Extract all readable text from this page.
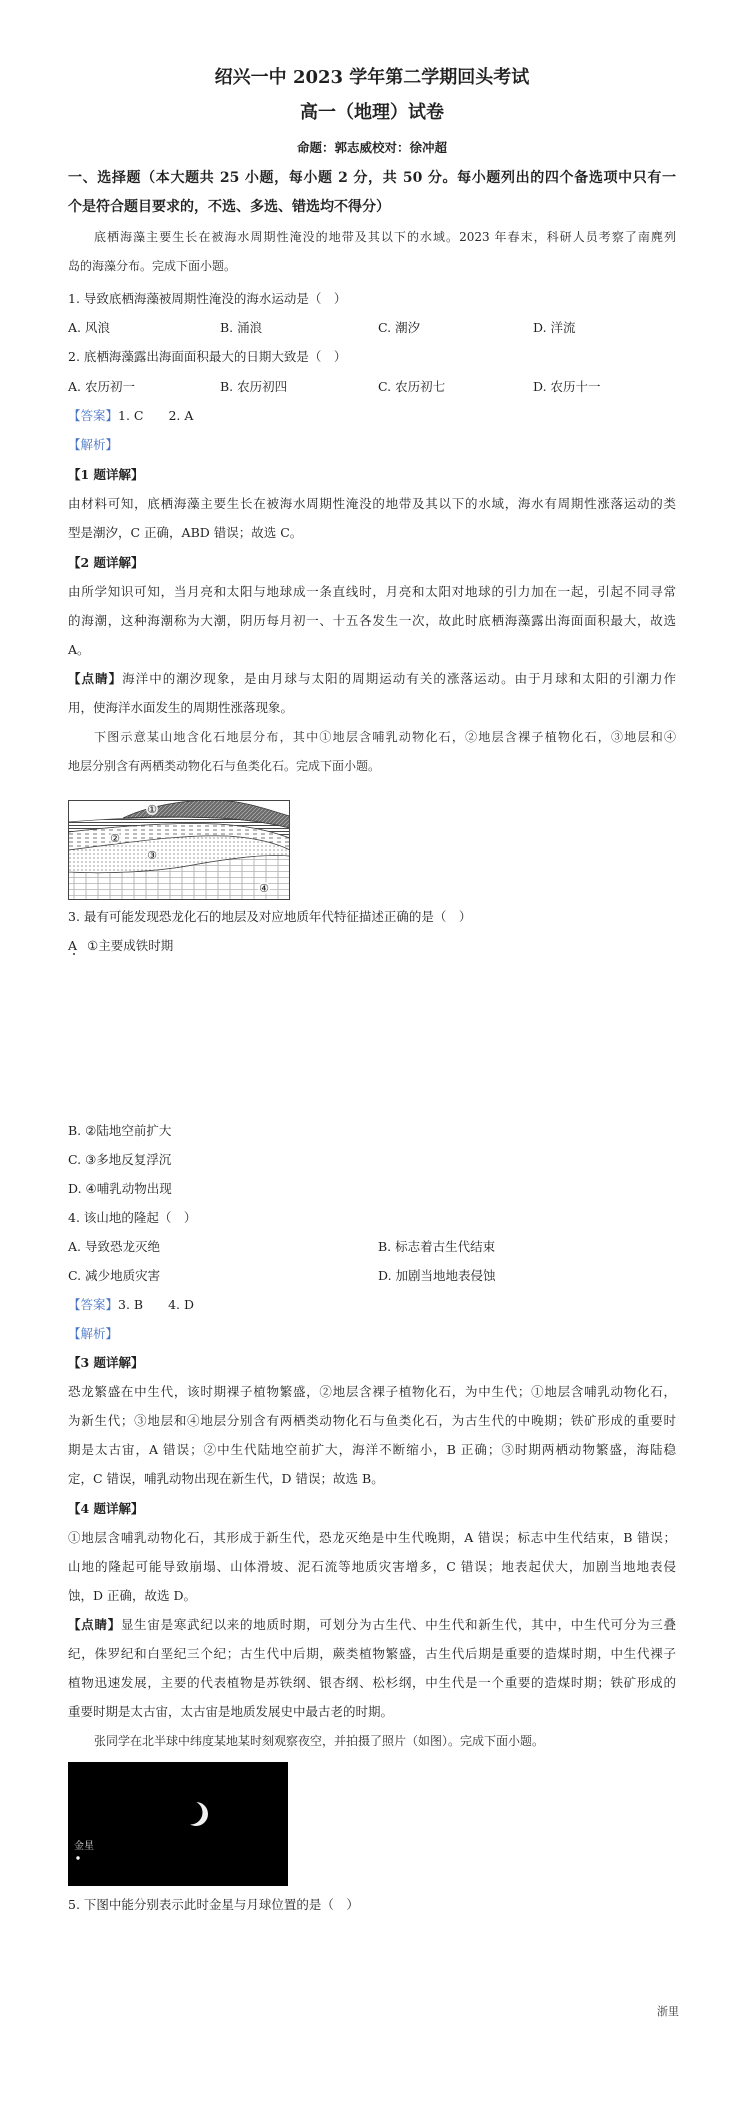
绍兴一中 2023 学年第二学期回头考试
高一（地理）试卷
命题：郭志威校对：徐冲超
一、选择题（本大题共 25 小题，每小题 2 分，共 50 分。每小题列出的四个备选项中只有一
个是符合题目要求的，不选、多选、错选均不得分）
底栖海藻主要生长在被海水周期性淹没的地带及其以下的水域。2023 年春末，科研人员考察了南麂列
岛的海藻分布。完成下面小题。
1. 导致底栖海藻被周期性淹没的海水运动是（　）
A. 风浪	B. 涌浪	C. 潮汐	D. 洋流
2. 底栖海藻露出海面面积最大的日期大致是（　）
A. 农历初一	B. 农历初四	C. 农历初七	D. 农历十一
【答案】1. C　　2. A
【解析】
【1 题详解】
由材料可知，底栖海藻主要生长在被海水周期性淹没的地带及其以下的水域，海水有周期性涨落运动的类
型是潮汐，C 正确，ABD 错误；故选 C。
【2 题详解】
由所学知识可知，当月亮和太阳与地球成一条直线时，月亮和太阳对地球的引力加在一起，引起不同寻常
的海潮，这种海潮称为大潮，阴历每月初一、十五各发生一次，故此时底栖海藻露出海面面积最大，故选
A。
【点睛】海洋中的潮汐现象，是由月球与太阳的周期运动有关的涨落运动。由于月球和太阳的引潮力作
用，使海洋水面发生的周期性涨落现象。
下图示意某山地含化石地层分布，其中①地层含哺乳动物化石，②地层含裸子植物化石，③地层和④
地层分别含有两栖类动物化石与鱼类化石。完成下面小题。
①
②
③
④
3. 最有可能发现恐龙化石的地层及对应地质年代特征描述正确的是（　）
A ①主要成铁时期
B. ②陆地空前扩大
C. ③多地反复浮沉
D. ④哺乳动物出现
4. 该山地的隆起（　）
A. 导致恐龙灭绝	B. 标志着古生代结束
C. 减少地质灾害	D. 加剧当地地表侵蚀
【答案】3. B　　4. D
【解析】
【3 题详解】
恐龙繁盛在中生代，该时期裸子植物繁盛，②地层含裸子植物化石，为中生代；①地层含哺乳动物化石，
为新生代；③地层和④地层分别含有两栖类动物化石与鱼类化石，为古生代的中晚期；铁矿形成的重要时
期是太古宙，A 错误；②中生代陆地空前扩大，海洋不断缩小，B 正确；③时期两栖动物繁盛，海陆稳
定，C 错误，哺乳动物出现在新生代，D 错误；故选 B。
【4 题详解】
①地层含哺乳动物化石，其形成于新生代，恐龙灭绝是中生代晚期，A 错误；标志中生代结束，B 错误；
山地的隆起可能导致崩塌、山体滑坡、泥石流等地质灾害增多，C 错误；地表起伏大，加剧当地地表侵
蚀，D 正确，故选 D。
【点睛】显生宙是寒武纪以来的地质时期，可划分为古生代、中生代和新生代，其中，中生代可分为三叠
纪，侏罗纪和白垩纪三个纪；古生代中后期，蕨类植物繁盛，古生代后期是重要的造煤时期，中生代裸子
植物迅速发展，主要的代表植物是苏铁纲、银杏纲、松杉纲，中生代是一个重要的造煤时期；铁矿形成的
重要时期是太古宙，太古宙是地质发展史中最古老的时期。
张同学在北半球中纬度某地某时刻观察夜空，并拍摄了照片（如图）。完成下面小题。
金星
5. 下图中能分别表示此时金星与月球位置的是（　）
浙里
